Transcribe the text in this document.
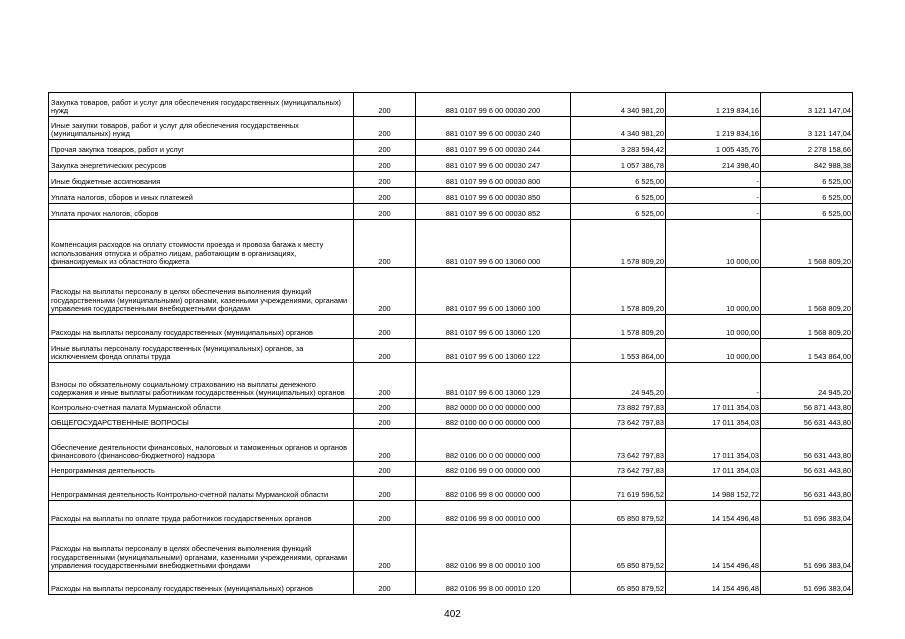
Закупка товаров, работ и услуг для обеспечения государственных (муниципальных) нужд	200	881 0107 99 6 00 00030 200	4 340 981,20	1 219 834,16	3 121 147,04
Иные закупки товаров, работ и услуг для обеспечения государственных (муниципальных) нужд	200	881 0107 99 6 00 00030 240	4 340 981,20	1 219 834,16	3 121 147,04
Прочая закупка товаров, работ и услуг	200	881 0107 99 6 00 00030 244	3 283 594,42	1 005 435,76	2 278 158,66
Закупка энергетических ресурсов	200	881 0107 99 6 00 00030 247	1 057 386,78	214 398,40	842 988,38
Иные бюджетные ассигнования	200	881 0107 99 6 00 00030 800	6 525,00	-	6 525,00
Уплата налогов, сборов и иных платежей	200	881 0107 99 6 00 00030 850	6 525,00	-	6 525,00
Уплата прочих налогов, сборов	200	881 0107 99 6 00 00030 852	6 525,00	-	6 525,00
Компенсация расходов на оплату стоимости проезда и провоза багажа к месту использования отпуска и обратно лицам, работающим в организациях, финансируемых из областного бюджета	200	881 0107 99 6 00 13060 000	1 578 809,20	10 000,00	1 568 809,20
Расходы на выплаты персоналу в целях обеспечения выполнения функций государственными (муниципальными) органами, казенными учреждениями, органами управления государственными внебюджетными фондами	200	881 0107 99 6 00 13060 100	1 578 809,20	10 000,00	1 568 809,20
Расходы на выплаты персоналу государственных (муниципальных) органов	200	881 0107 99 6 00 13060 120	1 578 809,20	10 000,00	1 568 809,20
Иные выплаты персоналу государственных (муниципальных) органов, за исключением фонда оплаты труда	200	881 0107 99 6 00 13060 122	1 553 864,00	10 000,00	1 543 864,00
Взносы по обязательному социальному страхованию на выплаты денежного содержания и иные выплаты работникам государственных (муниципальных) органов	200	881 0107 99 6 00 13060 129	24 945,20	-	24 945,20
Контрольно-счетная палата Мурманской области	200	882 0000 00 0 00 00000 000	73 882 797,83	17 011 354,03	56 871 443,80
ОБЩЕГОСУДАРСТВЕННЫЕ ВОПРОСЫ	200	882 0100 00 0 00 00000 000	73 642 797,83	17 011 354,03	56 631 443,80
Обеспечение деятельности финансовых, налоговых и таможенных органов и органов финансового (финансово-бюджетного) надзора	200	882 0106 00 0 00 00000 000	73 642 797,83	17 011 354,03	56 631 443,80
Непрограммная деятельность	200	882 0106 99 0 00 00000 000	73 642 797,83	17 011 354,03	56 631 443,80
Непрограммная деятельность Контрольно-счетной палаты Мурманской области	200	882 0106 99 8 00 00000 000	71 619 596,52	14 988 152,72	56 631 443,80
Расходы на выплаты по оплате труда работников государственных органов	200	882 0106 99 8 00 00010 000	65 850 879,52	14 154 496,48	51 696 383,04
Расходы на выплаты персоналу в целях обеспечения выполнения функций государственными (муниципальными) органами, казенными учреждениями, органами управления государственными внебюджетными фондами	200	882 0106 99 8 00 00010 100	65 850 879,52	14 154 496,48	51 696 383,04
Расходы на выплаты персоналу государственных (муниципальных) органов	200	882 0106 99 8 00 00010 120	65 850 879,52	14 154 496,48	51 696 383,04
402
